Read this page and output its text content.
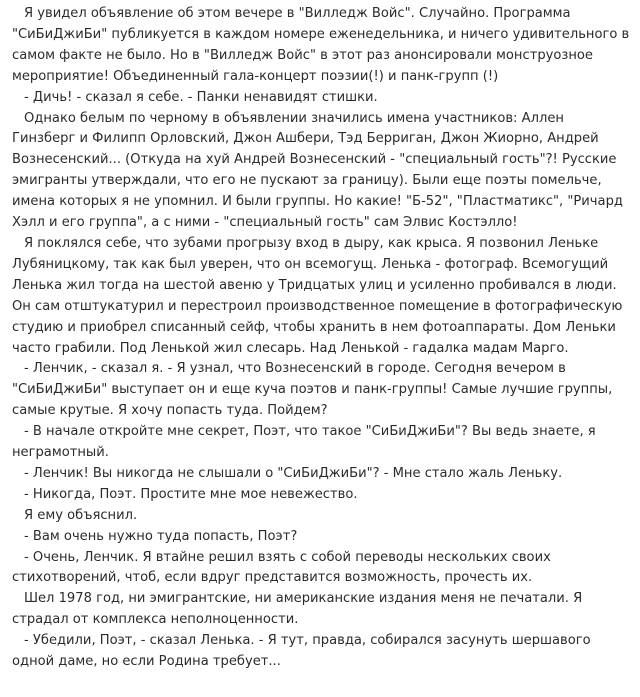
Я увидел объявление об этом вечере в "Вилледж Войс". Случайно. Программа "СиБиДжиБи" публикуется в каждом номере еженедельника, и ничего удивительного в самом факте не было. Но в "Вилледж Войс" в этот раз анонсировали монструозное мероприятие! Объединенный гала-концерт поэзии(!) и панк-групп (!)

- Дичь! - сказал я себе. - Панки ненавидят стишки.

Однако белым по черному в объявлении значились имена участников: Аллен Гинзберг и Филипп Орловский, Джон Ашбери, Тэд Берриган, Джон Жиорно, Андрей Вознесенский... (Откуда на хуй Андрей Вознесенский - "специальный гость"?! Русские эмигранты утверждали, что его не пускают за границу). Были еще поэты помельче, имена которых я не упомнил. И были группы. Но какие! "Б-52", "Пластматикс", "Ричард Хэлл и его группа", а с ними - "специальный гость" сам Элвис Костэлло!

Я поклялся себе, что зубами прогрызу вход в дыру, как крыса. Я позвонил Леньке Лубяницкому, так как был уверен, что он всемогущ. Ленька - фотограф. Всемогущий Ленька жил тогда на шестой авеню у Тридцатых улиц и усиленно пробивался в люди. Он сам отштукатурил и перестроил производственное помещение в фотографическую студию и приобрел списанный сейф, чтобы хранить в нем фотоаппараты. Дом Леньки часто грабили. Под Ленькой жил слесарь. Над Ленькой - гадалка мадам Марго.

- Ленчик, - сказал я. - Я узнал, что Вознесенский в городе. Сегодня вечером в "СиБиДжиБи" выступает он и еще куча поэтов и панк-группы! Самые лучшие группы, самые крутые. Я хочу попасть туда. Пойдем?

- В начале откройте мне секрет, Поэт, что такое "СиБиДжиБи"? Вы ведь знаете, я неграмотный.

- Ленчик! Вы никогда не слышали о "СиБиДжиБи"? - Мне стало жаль Леньку.

- Никогда, Поэт. Простите мне мое невежество.

Я ему объяснил.

- Вам очень нужно туда попасть, Поэт?

- Очень, Ленчик. Я втайне решил взять с собой переводы нескольких своих стихотворений, чтоб, если вдруг представится возможность, прочесть их.

Шел 1978 год, ни эмигрантские, ни американские издания меня не печатали. Я страдал от комплекса неполноценности.

- Убедили, Поэт, - сказал Ленька. - Я тут, правда, собирался засунуть шершавого одной даме, но если Родина требует...
